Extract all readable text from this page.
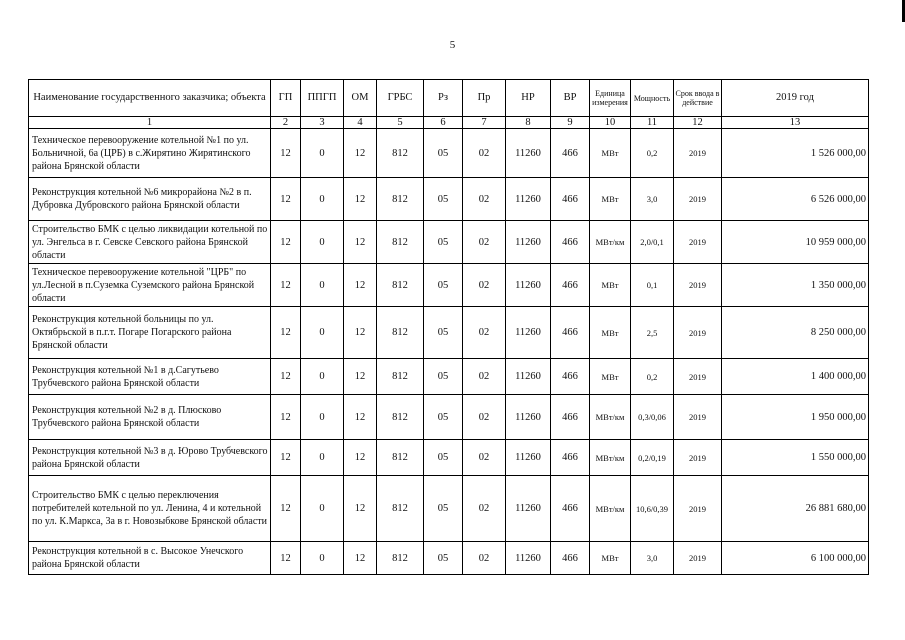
5
Наименование государственного заказчика; объекта	ГП	ППГП	ОМ	ГРБС	Рз	Пр	НР	ВР	Единица измерения	Мощность	Срок ввода в действие	2019 год
1	2	3	4	5	6	7	8	9	10	11	12	13
Техническое перевооружение котельной №1 по ул. Больничной, 6а (ЦРБ) в с.Жирятино Жирятинского района Брянской области	12	0	12	812	05	02	11260	466	МВт	0,2	2019	1 526 000,00
Реконструкция котельной №6 микрорайона №2 в п. Дубровка Дубровского района Брянской области	12	0	12	812	05	02	11260	466	МВт	3,0	2019	6 526 000,00
Строительство БМК с целью ликвидации котельной по ул. Энгельса в г. Севске Севского района Брянской области	12	0	12	812	05	02	11260	466	МВт/км	2,0/0,1	2019	10 959 000,00
Техническое перевооружение котельной "ЦРБ" по ул.Лесной в п.Суземка Суземского района Брянской области	12	0	12	812	05	02	11260	466	МВт	0,1	2019	1 350 000,00
Реконструкция котельной больницы по ул. Октябрьской в п.г.т. Погаре Погарского района Брянской области	12	0	12	812	05	02	11260	466	МВт	2,5	2019	8 250 000,00
Реконструкция котельной №1 в д.Сагутьево Трубчевского района Брянской области	12	0	12	812	05	02	11260	466	МВт	0,2	2019	1 400 000,00
Реконструкция котельной №2 в д. Плюсково Трубчевского района Брянской области	12	0	12	812	05	02	11260	466	МВт/км	0,3/0,06	2019	1 950 000,00
Реконструкция котельной №3 в д. Юрово Трубчевского района Брянской области	12	0	12	812	05	02	11260	466	МВт/км	0,2/0,19	2019	1 550 000,00
Строительство БМК с целью переключения потребителей котельной по ул. Ленина, 4 и котельной по ул. К.Маркса, 3а в г. Новозыбкове Брянской области	12	0	12	812	05	02	11260	466	МВт/км	10,6/0,39	2019	26 881 680,00
Реконструкция котельной в с. Высокое Унечского района Брянской области	12	0	12	812	05	02	11260	466	МВт	3,0	2019	6 100 000,00
